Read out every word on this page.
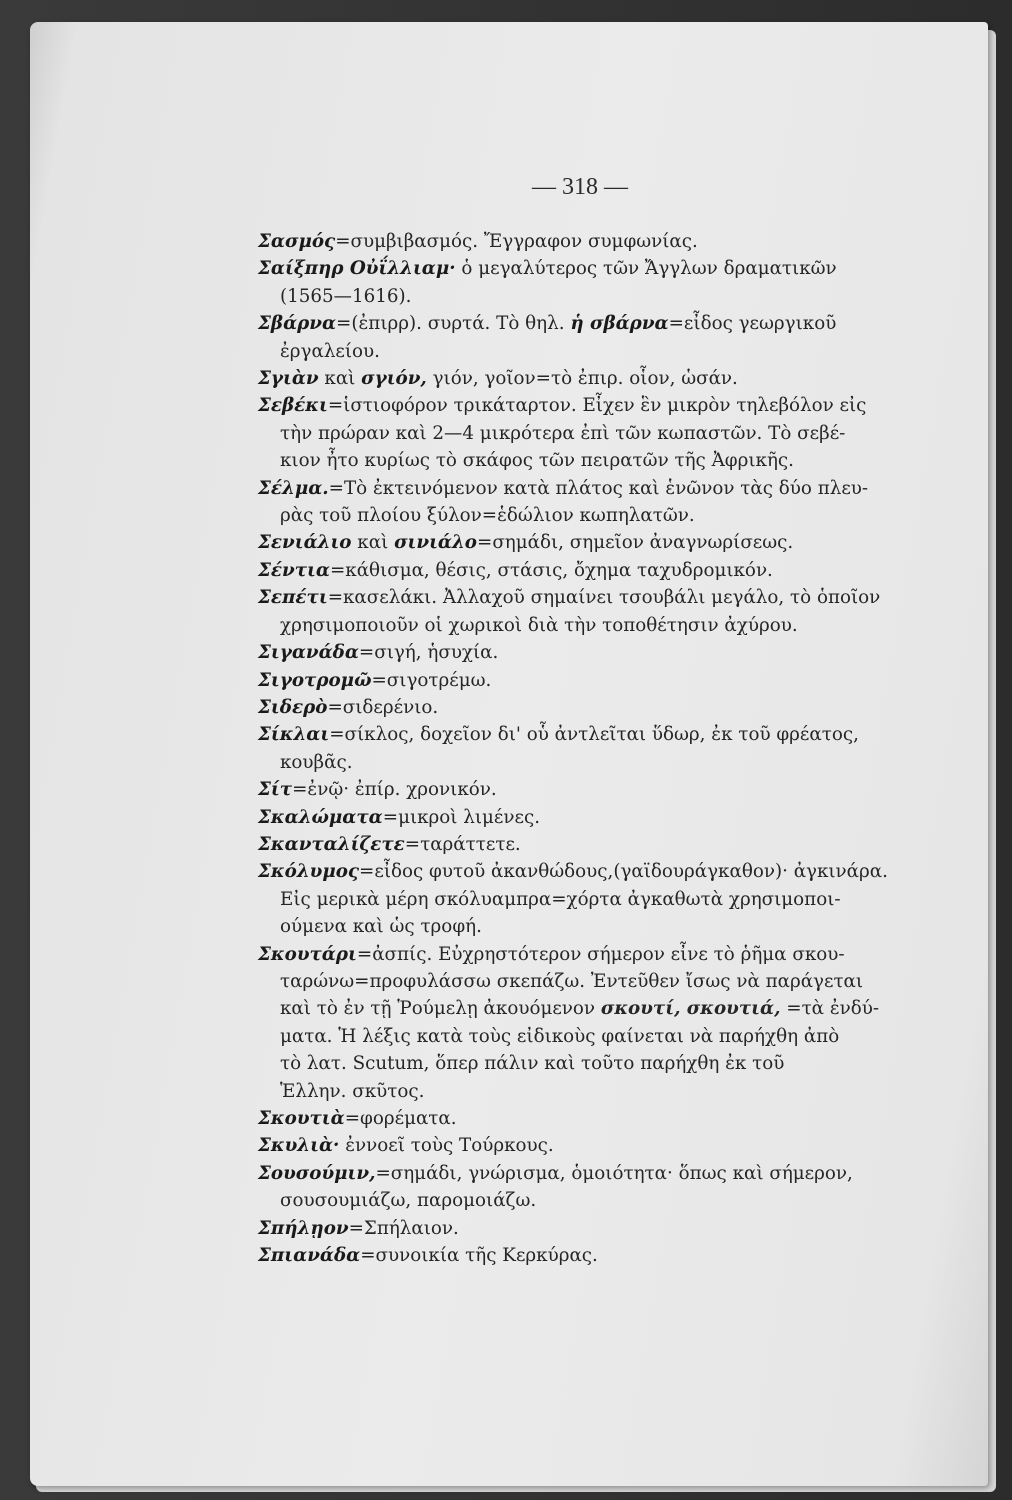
— 318 —

Σασμός=συμβιβασμός. Ἔγγραφον συμφωνίας.

Σαίξπηρ Οὐΐλλιαμ· ὁ μεγαλύτερος τῶν Ἄγγλων δραματικῶν
(1565—1616).

Σβάρνα=(ἐπιρρ). συρτά. Τὸ θηλ. ἡ σβάρνα=εἶδος γεωργικοῦ
ἐργαλείου.

Σγιὰν καὶ σγιόν, γιόν, γοῖον=τὸ ἐπιρ. οἷον, ὡσάν.

Σεβέκι=ἱστιοφόρον τρικάταρτον. Εἶχεν ἓν μικρὸν τηλεβόλον εἰς
τὴν πρώραν καὶ 2—4 μικρότερα ἐπὶ τῶν κωπαστῶν. Τὸ σεβέ-
κιον ἦτο κυρίως τὸ σκάφος τῶν πειρατῶν τῆς Ἀφρικῆς.

Σέλμα.=Τὸ ἐκτεινόμενον κατὰ πλάτος καὶ ἑνῶνον τὰς δύο πλευ-
ρὰς τοῦ πλοίου ξύλον=ἑδώλιον κωπηλατῶν.

Σενιάλιο καὶ σινιάλο=σημάδι, σημεῖον ἀναγνωρίσεως.

Σέντια=κάθισμα, θέσις, στάσις, ὄχημα ταχυδρομικόν.

Σεπέτι=κασελάκι. Ἀλλαχοῦ σημαίνει τσουβάλι μεγάλο, τὸ ὁποῖον
χρησιμοποιοῦν οἱ χωρικοὶ διὰ τὴν τοποθέτησιν ἀχύρου.

Σιγανάδα=σιγή, ἡσυχία.

Σιγοτρομῶ=σιγοτρέμω.

Σιδερὸ=σιδερένιο.

Σίκλαι=σίκλος, δοχεῖον δι' οὗ ἀντλεῖται ὕδωρ, ἐκ τοῦ φρέατος,
κουβᾶς.

Σίτ=ἐνῷ· ἐπίρ. χρονικόν.

Σκαλώματα=μικροὶ λιμένες.

Σκανταλίζετε=ταράττετε.

Σκόλυμος=εἶδος φυτοῦ ἀκανθώδους,(γαϊδουράγκαθον)· ἀγκινάρα.
Εἰς μερικὰ μέρη σκόλυαμπρα=χόρτα ἀγκαθωτὰ χρησιμοποι-
ούμενα καὶ ὡς τροφή.

Σκουτάρι=ἀσπίς. Εὐχρηστότερον σήμερον εἶνε τὸ ῥῆμα σκου-
ταρώνω=προφυλάσσω σκεπάζω. Ἐντεῦθεν ἴσως νὰ παράγεται
καὶ τὸ ἐν τῇ Ῥούμελῃ ἀκουόμενον σκουτί, σκουτιά, =τὰ ἐνδύ-
ματα. Ἡ λέξις κατὰ τοὺς εἰδικοὺς φαίνεται νὰ παρήχθη ἀπὸ
τὸ λατ. Scutum, ὅπερ πάλιν καὶ τοῦτο παρήχθη ἐκ τοῦ
Ἑλλην. σκῦτος.

Σκουτιὰ=φορέματα.

Σκυλιὰ· ἐννοεῖ τοὺς Τούρκους.

Σουσούμιν,=σημάδι, γνώρισμα, ὁμοιότητα· ὅπως καὶ σήμερον,
σουσουμιάζω, παρομοιάζω.

Σπήλῃον=Σπήλαιον.

Σπιανάδα=συνοικία τῆς Κερκύρας.
